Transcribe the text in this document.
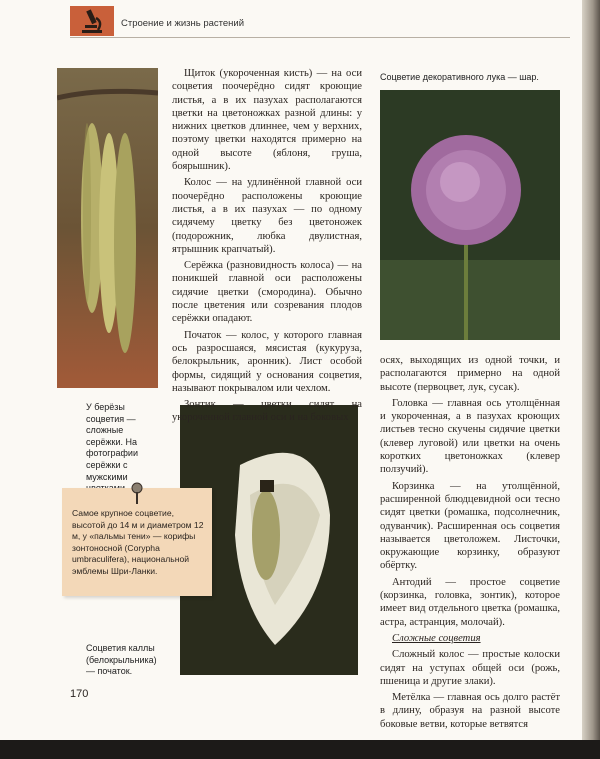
Строение и жизнь растений

Щиток (укороченная кисть) — на оси соцветия поочерёдно сидят кроющие листья, а в их пазухах располагаются цветки на цветоножках разной длины: у нижних цветков длиннее, чем у верхних, поэтому цветки находятся примерно на одной высоте (яблоня, груша, боярышник).

Колос — на удлинённой главной оси поочерёдно расположены кроющие листья, а в их пазухах — по одному сидячему цветку без цветоножек (подорожник, любка двулистная, ятрышник крапчатый).

Серёжка (разновидность колоса) — на поникшей главной оси расположены сидячие цветки (смородина). Обычно после цветения или созревания плодов серёжки опадают.

Початок — колос, у которого главная ось разросшаяся, мясистая (кукуруза, белокрыльник, аронник). Лист особой формы, сидящий у основания соцветия, называют покрывалом или чехлом.

Зонтик — цветки сидят на укороченной главной оси и на боковых

осях, выходящих из одной точки, и располагаются примерно на одной высоте (первоцвет, лук, сусак).

Головка — главная ось утолщённая и укороченная, а в пазухах кроющих листьев тесно скучены сидячие цветки (клевер луговой) или цветки на очень коротких цветоножках (клевер ползучий).

Корзинка — на утолщённой, расширенной блюдцевидной оси тесно сидят цветки (ромашка, подсолнечник, одуванчик). Расширенная ось соцветия называется цветоложем. Листочки, окружающие корзинку, образуют обёртку.

Антодий — простое соцветие (корзинка, головка, зонтик), которое имеет вид отдельного цветка (ромашка, астра, астранция, молочай).

Сложные соцветия

Сложный колос — простые колоски сидят на уступах общей оси (рожь, пшеница и другие злаки).

Метёлка — главная ось долго растёт в длину, образуя на разной высоте боковые ветви, которые ветвятся

Соцветие декоративного лука — шар.
У берёзы соцветия — сложные серёжки. На фотографии серёжки с мужскими
Соцветия каллы (белокрыльника) — початок.
Самое крупное соцветие, высотой до 14 м и диаметром 12 м, у «пальмы тени» — корифы зонтоносной (Corypha umbraculifera), национальной эмблемы Шри-Ланки.
170
